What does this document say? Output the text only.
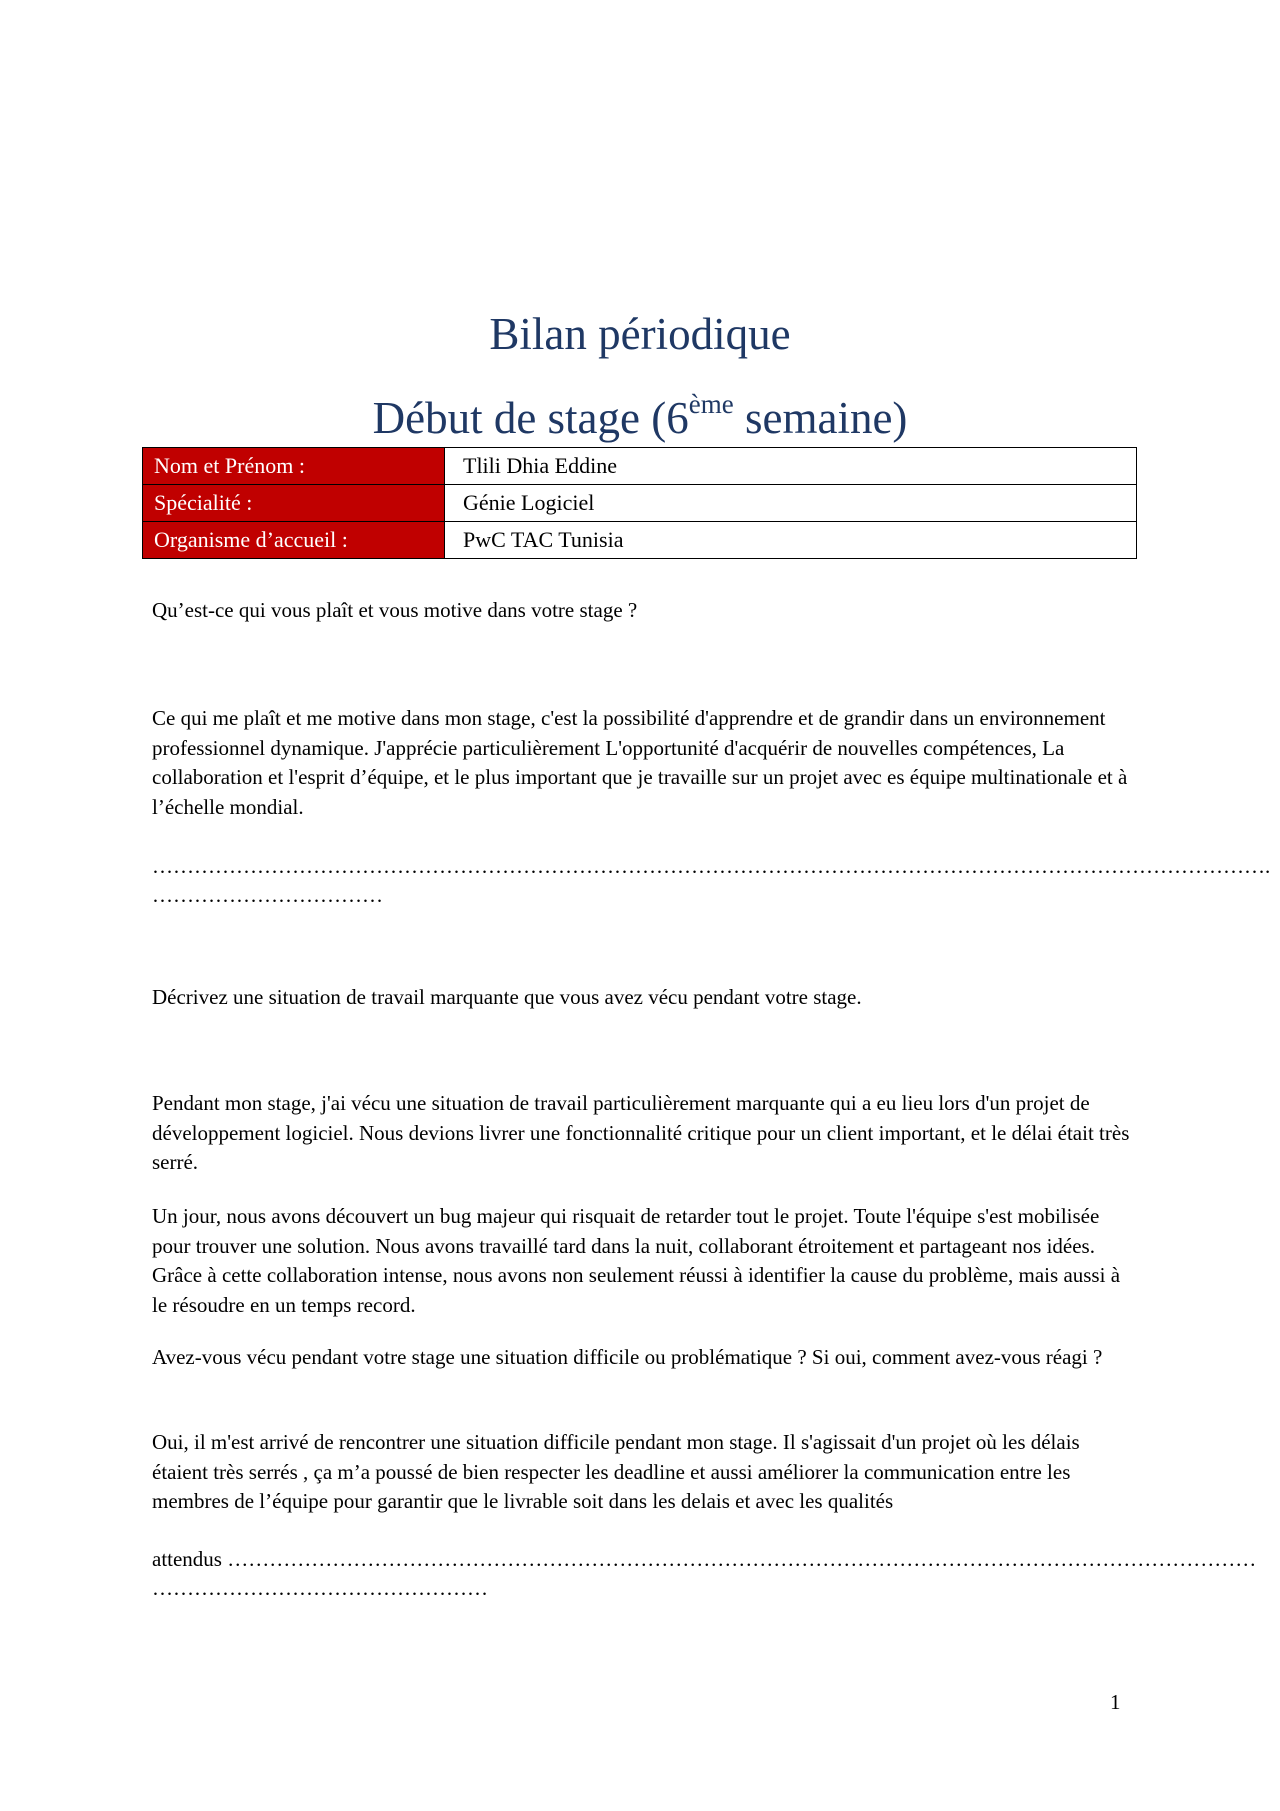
Bilan périodique
Début de stage (6ème semaine)
Nom et Prénom :	Tlili Dhia Eddine
Spécialité :	Génie Logiciel
Organisme d’accueil :	PwC TAC Tunisia

Qu’est-ce qui vous plaît et vous motive dans votre stage ?

Ce qui me plaît et me motive dans mon stage, c'est la possibilité d'apprendre et de grandir dans un environnement professionnel dynamique. J'apprécie particulièrement L'opportunité d'acquérir de nouvelles compétences, La collaboration et l'esprit d’équipe, et le plus important que je travaille sur un projet avec es équipe multinationale et à l’échelle mondial.

…………………………………………………………………………………………………………………………………………….
……………………………

Décrivez une situation de travail marquante que vous avez vécu pendant votre stage.

Pendant mon stage, j'ai vécu une situation de travail particulièrement marquante qui a eu lieu lors d'un projet de développement logiciel. Nous devions livrer une fonctionnalité critique pour un client important, et le délai était très serré.

Un jour, nous avons découvert un bug majeur qui risquait de retarder tout le projet. Toute l'équipe s'est mobilisée pour trouver une solution. Nous avons travaillé tard dans la nuit, collaborant étroitement et partageant nos idées. Grâce à cette collaboration intense, nous avons non seulement réussi à identifier la cause du problème, mais aussi à le résoudre en un temps record.

Avez-vous vécu pendant votre stage une situation difficile ou problématique ? Si oui, comment avez-vous réagi ?

Oui, il m'est arrivé de rencontrer une situation difficile pendant mon stage. Il s'agissait d'un projet où les délais étaient très serrés , ça m’a poussé de bien respecter les deadline et aussi améliorer la communication entre les membres de l’équipe pour garantir que le livrable soit dans les delais et avec les qualités

attendus …………………………………………………………………………………………………………………………………
…………………………………………
1
